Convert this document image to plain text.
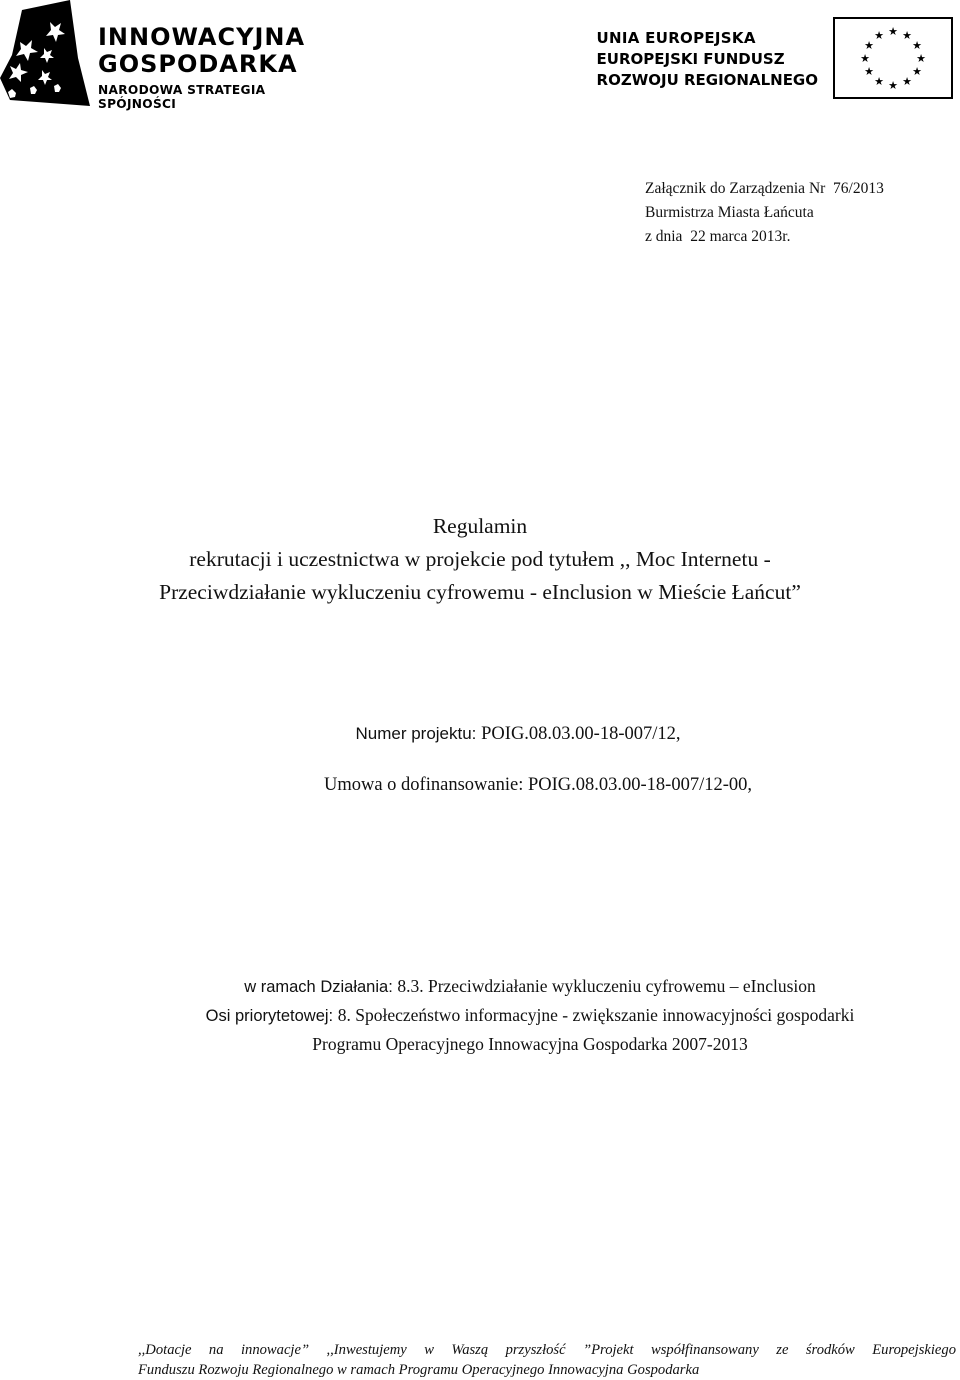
INNOWACYJNA
GOSPODARKA
NARODOWA STRATEGIA SPÓJNOŚCI
UNIA EUROPEJSKA
EUROPEJSKI FUNDUSZ
ROZWOJU REGIONALNEGO
★ ★
★
★
★
★
★
★
★
★
★
★
Załącznik do Zarządzenia Nr  76/2013
Burmistrza Miasta Łańcuta
z dnia  22 marca 2013r.
Regulamin
rekrutacji i uczestnictwa w projekcie pod tytułem ,, Moc Internetu -
Przeciwdziałanie wykluczeniu cyfrowemu - eInclusion w Mieście Łańcut”
Numer projektu: POIG.08.03.00-18-007/12,
Umowa o dofinansowanie: POIG.08.03.00-18-007/12-00,
w ramach Działania: 8.3. Przeciwdziałanie wykluczeniu cyfrowemu – eInclusion
Osi priorytetowej: 8. Społeczeństwo informacyjne - zwiększanie innowacyjności gospodarki
Programu Operacyjnego Innowacyjna Gospodarka 2007-2013
,,Dotacje na innowacje” ,,Inwestujemy w Waszą przyszłość ”Projekt współfinansowany ze środków Europejskiego
Funduszu Rozwoju Regionalnego w ramach Programu Operacyjnego Innowacyjna Gospodarka
